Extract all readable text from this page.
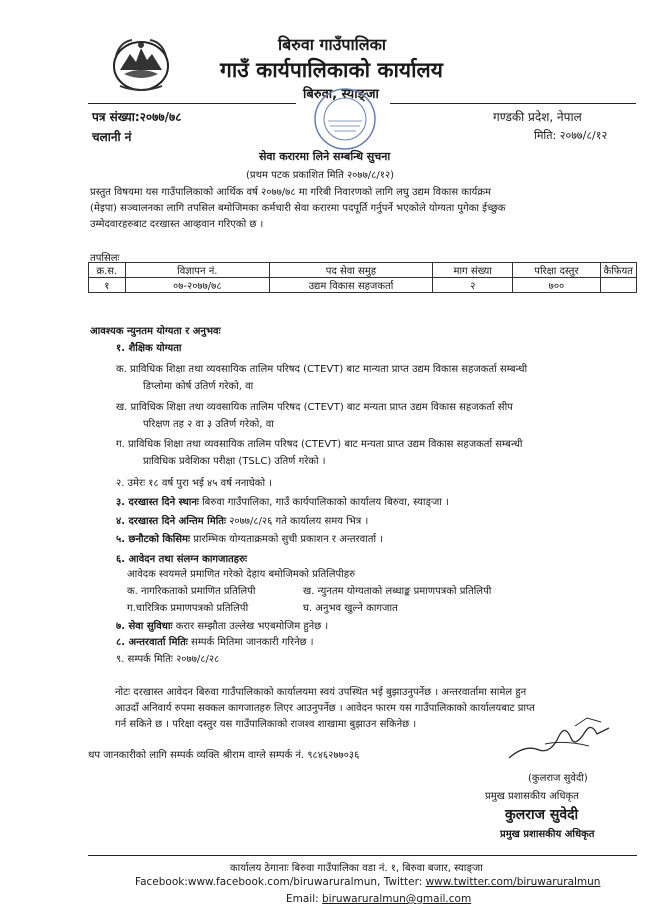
बिरुवा गाउँपालिका
गाउँ कार्यपालिकाको कार्यालय
बिरुवा, स्याङ्जा
पत्र संख्या:२०७७/७८
चलानी नं
गण्डकी प्रदेश, नेपाल
मिति: २०७७/८/१२
सेवा करारमा लिने सम्बन्धि सुचना
(प्रथम पटक प्रकाशित मिति २०७७/८/१२)
प्रस्तुत विषयमा यस गाउँपालिकाको आर्थिक वर्ष २०७७/७८ मा गरिबी निवारणको लागि लघु उद्यम विकास कार्यक्रम
(मेइपा) सञ्चालनका लागि तपसिल बमोजिमका कर्मचारी सेवा करारमा पदपूर्ति गर्नुपर्ने भएकोले योग्यता पुगेका ईच्छुक
उम्मेदवारहरुबाट दरखास्त आव्हवान गरिएको छ ।
तपसिलः
क्र.स.	विज्ञापन नं.	पद सेवा समुह	माग संख्या	परिक्षा दस्तुर	कैफियत
१	०७-२०७७/७८	उद्यम विकास सहजकर्ता	२	७००	
आवश्यक न्युनतम योग्यता र अनुभवः
१. शैक्षिक योग्यता
क. प्राविधिक शिक्षा तथा व्यवसायिक तालिम परिषद (CTEVT) बाट मान्यता प्राप्त उद्यम विकास सहजकर्ता सम्बन्धी
डिप्लोमा कोर्ष उतिर्ण गरेको, वा
ख. प्राविधिक शिक्षा तथा व्यवसायिक तालिम परिषद (CTEVT) बाट मन्यता प्राप्त उद्यम विकास सहजकर्ता सीप
परिक्षण तह २ वा ३ उतिर्ण गरेको, वा
ग. प्राविधिक शिक्षा तथा व्यवसायिक तालिम परिषद (CTEVT) बाट मन्यता प्राप्त उद्यम विकास सहजकर्ता सम्बन्धी
प्राविधिक प्रवेशिका परीक्षा (TSLC) उतिर्ण गरेको ।
२. उमेरः १८ वर्ष पुरा भई ४५ वर्ष ननाघेको ।
३. दरखास्त दिने स्थानः बिरुवा गाउँपालिका, गाउँ कार्यपालिकाको कार्यालय बिरुवा, स्याङ्जा ।
४. दरखास्त दिने अन्तिम मितिः २०७७/८/२६ गते कार्यालय समय भित्र ।
५. छनौटको किसिमः प्रारम्भिक योग्यताक्रमको सुची प्रकाशन र अन्तरवार्ता ।
६. आवेदन तथा संलग्न कागजातहरुः
आवेदक स्वयमले प्रमाणित गरेको देहाय बमोजिमको प्रतिलिपीहरु
क. नागरिकताको प्रमाणित प्रतिलिपी	ख. न्युनतम योग्यताको लब्धाङ्क प्रमाणपत्रको प्रतिलिपी
ग.चारित्रिक प्रमाणपत्रको प्रतिलिपी	घ. अनुभव खुल्ने कागजात
७. सेवा सुविधाः करार सम्झौता उल्लेख भएबमोजिम हुनेछ ।
८. अन्तरवार्ता मितिः सम्पर्क मितिमा जानकारी गरिनेछ ।
९. सम्पर्क मितिः २०७७/८/२८
नोटः दरखास्त आवेदन बिरुवा गाउँपालिकाको कार्यालयमा स्वयं उपस्थित भई बुझाउनुपर्नेछ । अन्तरवार्तामा सामेल हुन
आउदाँ अनिवार्य रुपमा सक्कल कागजातहरु लिएर आउनुपर्नेछ । आवेदन फारम यस गाउँपालिकाको कार्यालयबाट प्राप्त
गर्न सकिने छ । परिक्षा दस्तुर यस गाउँपालिकाको राजश्व शाखामा बुझाउन सकिनेछ ।
थप जानकारीको लागि सम्पर्क व्यक्ति श्रीराम वाग्ले सम्पर्क नं. ९८४६२७७०३६
(कुलराज सुवेदी)
प्रमुख प्रशासकीय अधिकृत
कुलराज सुवेदी
प्रमुख प्रशासकीय अधिकृत
कार्यालय ठेगानाः बिरुवा गाउँपालिका वडा नं. १, बिरुवा बजार, स्याङ्जा
Facebook:www.facebook.com/biruwaruralmun, Twitter: www.twitter.com/biruwaruralmun
Email: biruwaruralmun@gmail.com
